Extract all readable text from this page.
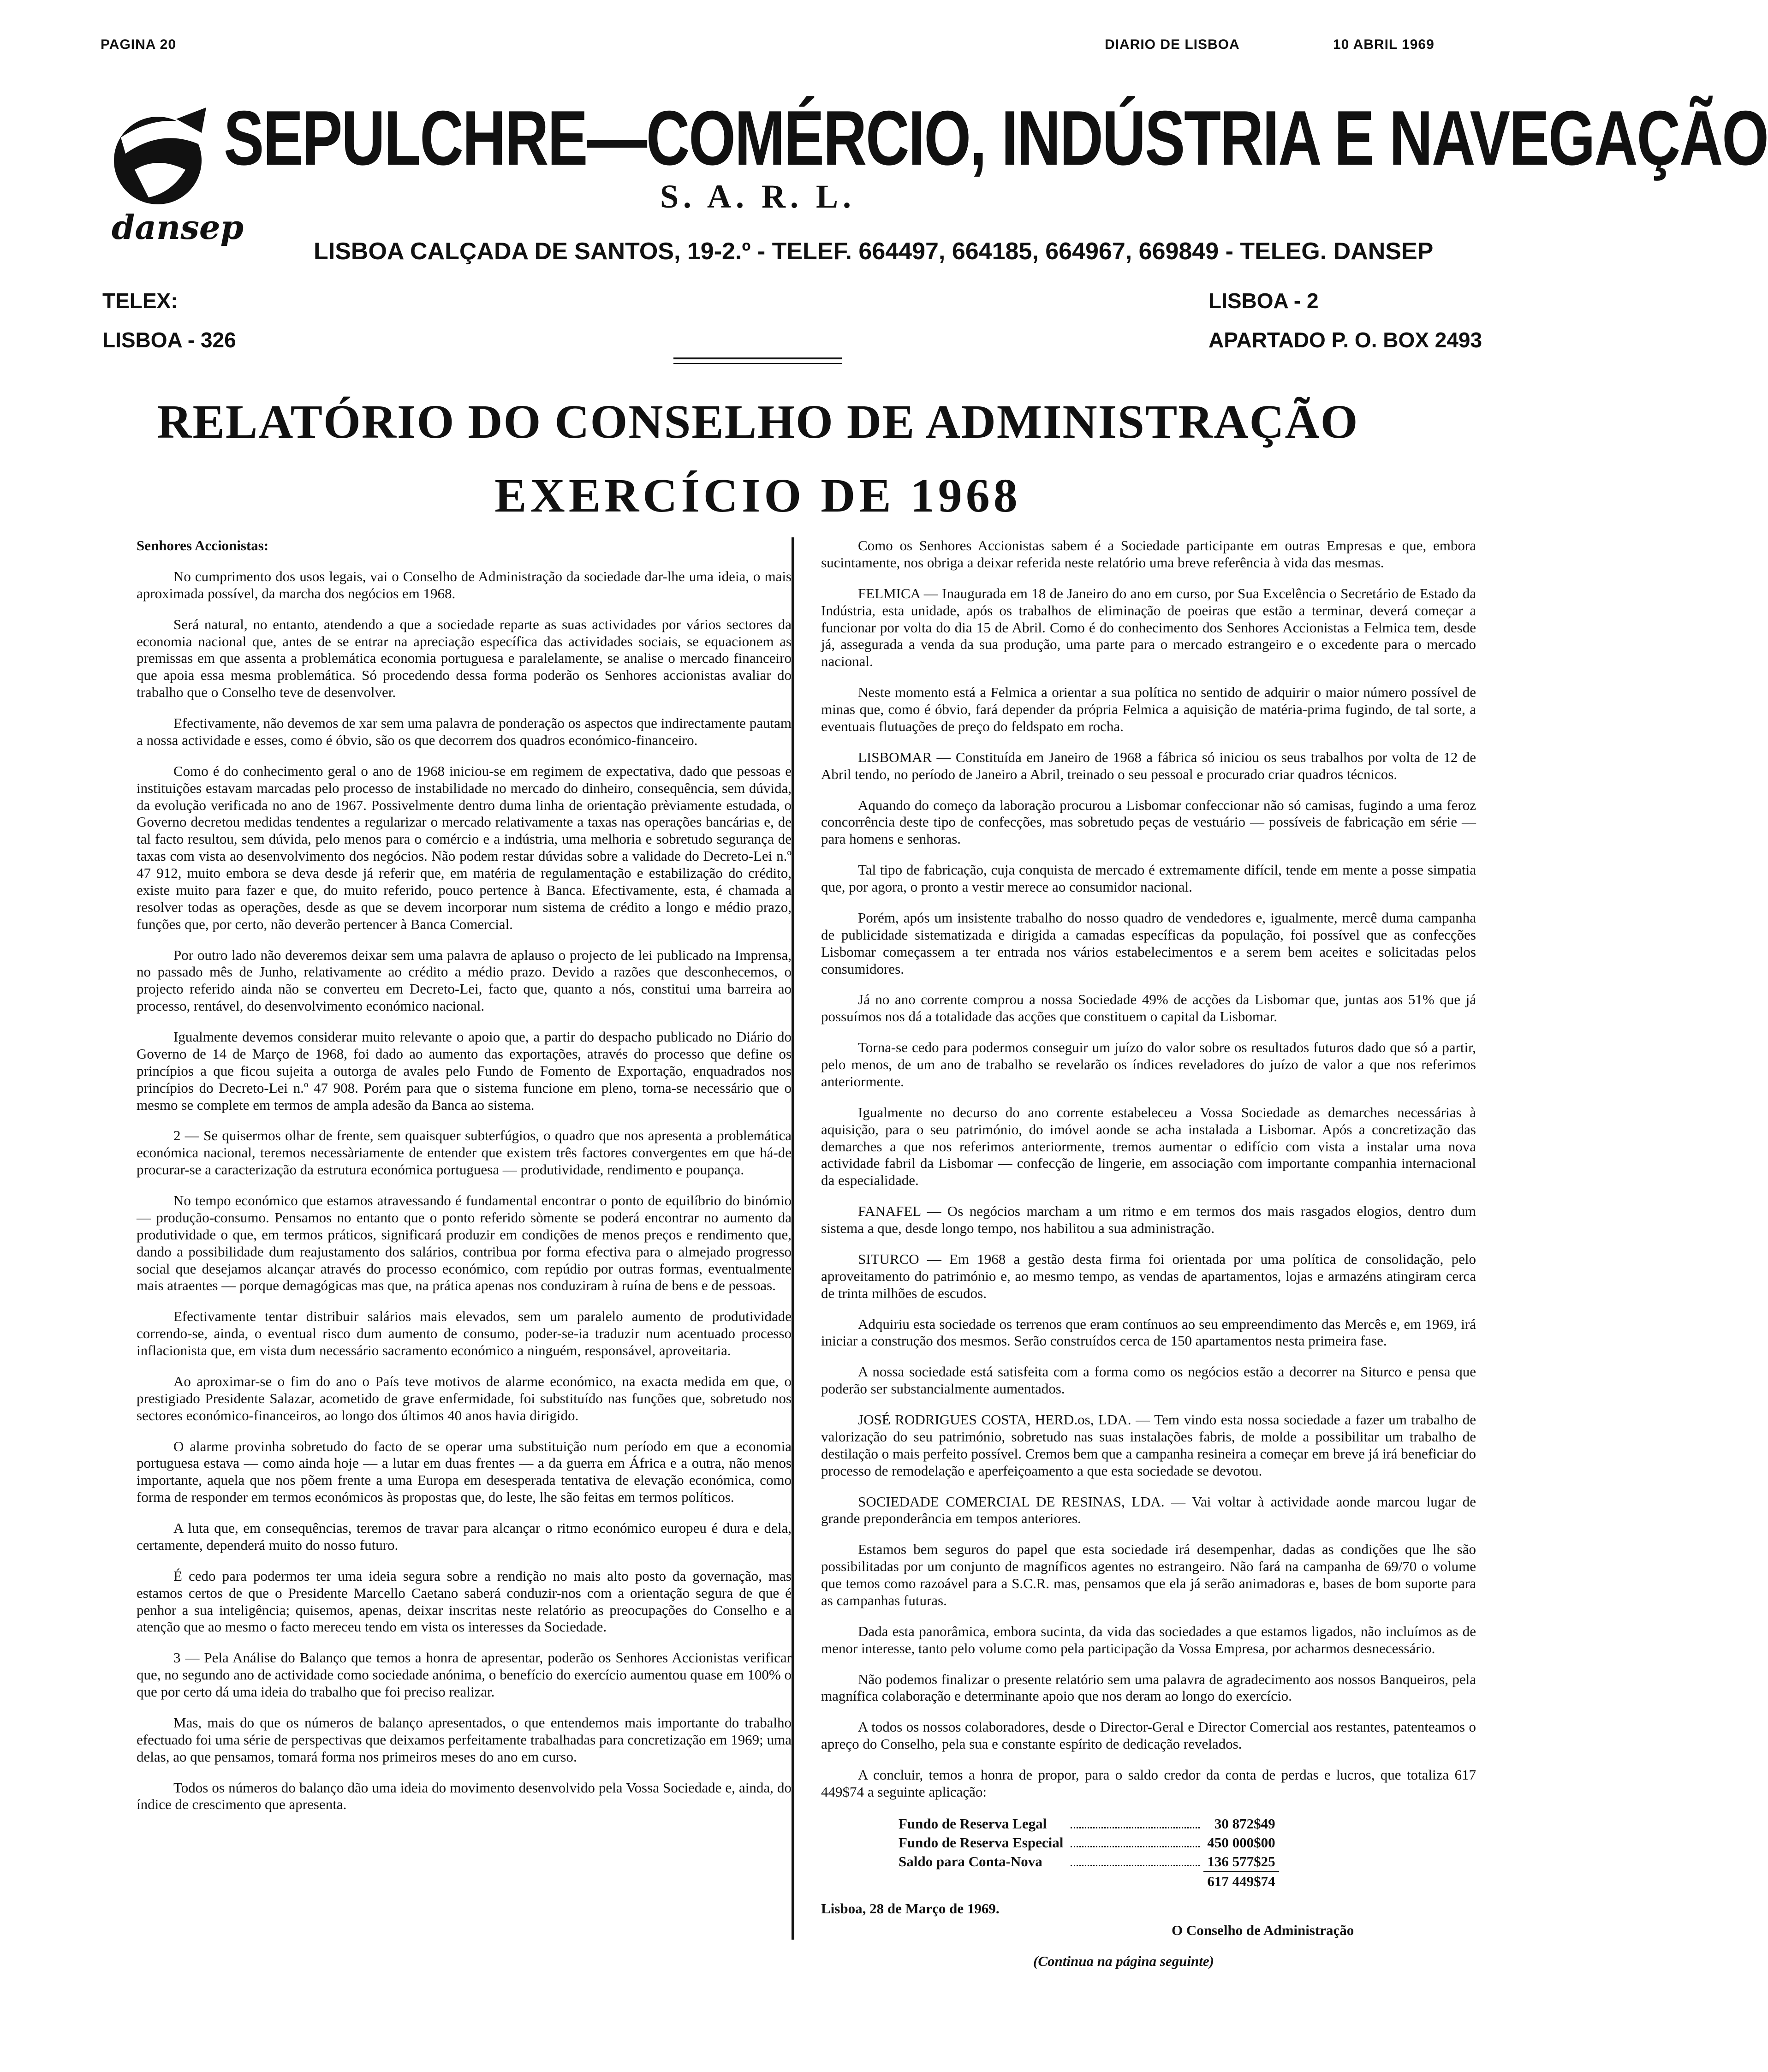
PAGINA 20	DIARIO DE LISBOA	10 ABRIL 1969
dansep
SEPULCHRE—COMÉRCIO, INDÚSTRIA E NAVEGAÇÃO
S. A. R. L.
LISBOA CALÇADA DE SANTOS, 19-2.º - TELEF. 664497, 664185, 664967, 669849 - TELEG. DANSEP
TELEX:
LISBOA - 326
LISBOA - 2
APARTADO P. O. BOX 2493
RELATÓRIO DO CONSELHO DE ADMINISTRAÇÃO
EXERCÍCIO DE 1968

Senhores Accionistas:

No cumprimento dos usos legais, vai o Conselho de Administração da sociedade dar-lhe uma ideia, o mais aproximada possível, da marcha dos negócios em 1968.

Será natural, no entanto, atendendo a que a sociedade reparte as suas actividades por vários sectores da economia nacional que, antes de se entrar na apreciação específica das actividades sociais, se equacionem as premissas em que assenta a problemática economia portuguesa e paralelamente, se analise o mercado financeiro que apoia essa mesma problemática. Só procedendo dessa forma poderão os Senhores accionistas avaliar do trabalho que o Conselho teve de desenvolver.

Efectivamente, não devemos de xar sem uma palavra de ponderação os aspectos que indirectamente pautam a nossa actividade e esses, como é óbvio, são os que decorrem dos quadros económico-financeiro.

Como é do conhecimento geral o ano de 1968 iniciou-se em regimem de expectativa, dado que pessoas e instituições estavam marcadas pelo processo de instabilidade no mercado do dinheiro, consequência, sem dúvida, da evolução verificada no ano de 1967. Possivelmente dentro duma linha de orientação prèviamente estudada, o Governo decretou medidas tendentes a regularizar o mercado relativamente a taxas nas operações bancárias e, de tal facto resultou, sem dúvida, pelo menos para o comércio e a indústria, uma melhoria e sobretudo segurança de taxas com vista ao desenvolvimento dos negócios. Não podem restar dúvidas sobre a validade do Decreto-Lei n.º 47 912, muito embora se deva desde já referir que, em matéria de regulamentação e estabilização do crédito, existe muito para fazer e que, do muito referido, pouco pertence à Banca. Efectivamente, esta, é chamada a resolver todas as operações, desde as que se devem incorporar num sistema de crédito a longo e médio prazo, funções que, por certo, não deverão pertencer à Banca Comercial.

Por outro lado não deveremos deixar sem uma palavra de aplauso o projecto de lei publicado na Imprensa, no passado mês de Junho, relativamente ao crédito a médio prazo. Devido a razões que desconhecemos, o projecto referido ainda não se converteu em Decreto-Lei, facto que, quanto a nós, constitui uma barreira ao processo, rentável, do desenvolvimento económico nacional.

Igualmente devemos considerar muito relevante o apoio que, a partir do despacho publicado no Diário do Governo de 14 de Março de 1968, foi dado ao aumento das exportações, através do processo que define os princípios a que ficou sujeita a outorga de avales pelo Fundo de Fomento de Exportação, enquadrados nos princípios do Decreto-Lei n.º 47 908. Porém para que o sistema funcione em pleno, torna-se necessário que o mesmo se complete em termos de ampla adesão da Banca ao sistema.

2 — Se quisermos olhar de frente, sem quaisquer subterfúgios, o quadro que nos apresenta a problemática económica nacional, teremos necessàriamente de entender que existem três factores convergentes em que há-de procurar-se a caracterização da estrutura económica portuguesa — produtividade, rendimento e poupança.

No tempo económico que estamos atravessando é fundamental encontrar o ponto de equilíbrio do binómio — produção-consumo. Pensamos no entanto que o ponto referido sòmente se poderá encontrar no aumento da produtividade o que, em termos práticos, significará produzir em condições de menos preços e rendimento que, dando a possibilidade dum reajustamento dos salários, contribua por forma efectiva para o almejado progresso social que desejamos alcançar através do processo económico, com repúdio por outras formas, eventualmente mais atraentes — porque demagógicas mas que, na prática apenas nos conduziram à ruína de bens e de pessoas.

Efectivamente tentar distribuir salários mais elevados, sem um paralelo aumento de produtividade correndo-se, ainda, o eventual risco dum aumento de consumo, poder-se-ia traduzir num acentuado processo inflacionista que, em vista dum necessário sacramento económico a ninguém, responsável, aproveitaria.

Ao aproximar-se o fim do ano o País teve motivos de alarme económico, na exacta medida em que, o prestigiado Presidente Salazar, acometido de grave enfermidade, foi substituído nas funções que, sobretudo nos sectores económico-financeiros, ao longo dos últimos 40 anos havia dirigido.

O alarme provinha sobretudo do facto de se operar uma substituição num período em que a economia portuguesa estava — como ainda hoje — a lutar em duas frentes — a da guerra em África e a outra, não menos importante, aquela que nos põem frente a uma Europa em desesperada tentativa de elevação económica, como forma de responder em termos económicos às propostas que, do leste, lhe são feitas em termos políticos.

A luta que, em consequências, teremos de travar para alcançar o ritmo económico europeu é dura e dela, certamente, dependerá muito do nosso futuro.

É cedo para podermos ter uma ideia segura sobre a rendição no mais alto posto da governação, mas estamos certos de que o Presidente Marcello Caetano saberá conduzir-nos com a orientação segura de que é penhor a sua inteligência; quisemos, apenas, deixar inscritas neste relatório as preocupações do Conselho e a atenção que ao mesmo o facto mereceu tendo em vista os interesses da Sociedade.

3 — Pela Análise do Balanço que temos a honra de apresentar, poderão os Senhores Accionistas verificar que, no segundo ano de actividade como sociedade anónima, o benefício do exercício aumentou quase em 100% o que por certo dá uma ideia do trabalho que foi preciso realizar.

Mas, mais do que os números de balanço apresentados, o que entendemos mais importante do trabalho efectuado foi uma série de perspectivas que deixamos perfeitamente trabalhadas para concretização em 1969; uma delas, ao que pensamos, tomará forma nos primeiros meses do ano em curso.

Todos os números do balanço dão uma ideia do movimento desenvolvido pela Vossa Sociedade e, ainda, do índice de crescimento que apresenta.

Como os Senhores Accionistas sabem é a Sociedade participante em outras Empresas e que, embora sucintamente, nos obriga a deixar referida neste relatório uma breve referência à vida das mesmas.

FELMICA — Inaugurada em 18 de Janeiro do ano em curso, por Sua Excelência o Secretário de Estado da Indústria, esta unidade, após os trabalhos de eliminação de poeiras que estão a terminar, deverá começar a funcionar por volta do dia 15 de Abril. Como é do conhecimento dos Senhores Accionistas a Felmica tem, desde já, assegurada a venda da sua produção, uma parte para o mercado estrangeiro e o excedente para o mercado nacional.

Neste momento está a Felmica a orientar a sua política no sentido de adquirir o maior número possível de minas que, como é óbvio, fará depender da própria Felmica a aquisição de matéria-prima fugindo, de tal sorte, a eventuais flutuações de preço do feldspato em rocha.

LISBOMAR — Constituída em Janeiro de 1968 a fábrica só iniciou os seus trabalhos por volta de 12 de Abril tendo, no período de Janeiro a Abril, treinado o seu pessoal e procurado criar quadros técnicos.

Aquando do começo da laboração procurou a Lisbomar confeccionar não só camisas, fugindo a uma feroz concorrência deste tipo de confecções, mas sobretudo peças de vestuário — possíveis de fabricação em série — para homens e senhoras.

Tal tipo de fabricação, cuja conquista de mercado é extremamente difícil, tende em mente a posse simpatia que, por agora, o pronto a vestir merece ao consumidor nacional.

Porém, após um insistente trabalho do nosso quadro de vendedores e, igualmente, mercê duma campanha de publicidade sistematizada e dirigida a camadas específicas da população, foi possível que as confecções Lisbomar começassem a ter entrada nos vários estabelecimentos e a serem bem aceites e solicitadas pelos consumidores.

Já no ano corrente comprou a nossa Sociedade 49% de acções da Lisbomar que, juntas aos 51% que já possuímos nos dá a totalidade das acções que constituem o capital da Lisbomar.

Torna-se cedo para podermos conseguir um juízo do valor sobre os resultados futuros dado que só a partir, pelo menos, de um ano de trabalho se revelarão os índices reveladores do juízo de valor a que nos referimos anteriormente.

Igualmente no decurso do ano corrente estabeleceu a Vossa Sociedade as demarches necessárias à aquisição, para o seu património, do imóvel aonde se acha instalada a Lisbomar. Após a concretização das demarches a que nos referimos anteriormente, tremos aumentar o edifício com vista a instalar uma nova actividade fabril da Lisbomar — confecção de lingerie, em associação com importante companhia internacional da especialidade.

FANAFEL — Os negócios marcham a um ritmo e em termos dos mais rasgados elogios, dentro dum sistema a que, desde longo tempo, nos habilitou a sua administração.

SITURCO — Em 1968 a gestão desta firma foi orientada por uma política de consolidação, pelo aproveitamento do património e, ao mesmo tempo, as vendas de apartamentos, lojas e armazéns atingiram cerca de trinta milhões de escudos.

Adquiriu esta sociedade os terrenos que eram contínuos ao seu empreendimento das Mercês e, em 1969, irá iniciar a construção dos mesmos. Serão construídos cerca de 150 apartamentos nesta primeira fase.

A nossa sociedade está satisfeita com a forma como os negócios estão a decorrer na Siturco e pensa que poderão ser substancialmente aumentados.

JOSÉ RODRIGUES COSTA, HERD.os, LDA. — Tem vindo esta nossa sociedade a fazer um trabalho de valorização do seu património, sobretudo nas suas instalações fabris, de molde a possibilitar um trabalho de destilação o mais perfeito possível. Cremos bem que a campanha resineira a começar em breve já irá beneficiar do processo de remodelação e aperfeiçoamento a que esta sociedade se devotou.

SOCIEDADE COMERCIAL DE RESINAS, LDA. — Vai voltar à actividade aonde marcou lugar de grande preponderância em tempos anteriores.

Estamos bem seguros do papel que esta sociedade irá desempenhar, dadas as condições que lhe são possibilitadas por um conjunto de magníficos agentes no estrangeiro. Não fará na campanha de 69/70 o volume que temos como razoável para a S.C.R. mas, pensamos que ela já serão animadoras e, bases de bom suporte para as campanhas futuras.

Dada esta panorâmica, embora sucinta, da vida das sociedades a que estamos ligados, não incluímos as de menor interesse, tanto pelo volume como pela participação da Vossa Empresa, por acharmos desnecessário.

Não podemos finalizar o presente relatório sem uma palavra de agradecimento aos nossos Banqueiros, pela magnífica colaboração e determinante apoio que nos deram ao longo do exercício.

A todos os nossos colaboradores, desde o Director-Geral e Director Comercial aos restantes, patenteamos o apreço do Conselho, pela sua e constante espírito de dedicação revelados.

A concluir, temos a honra de propor, para o saldo credor da conta de perdas e lucros, que totaliza 617 449$74 a seguinte aplicação:

Fundo de Reserva Legal		30 872$49
Fundo de Reserva Especial		450 000$00
Saldo para Conta-Nova		136 577$25
		617 449$74
Lisboa, 28 de Março de 1969.
O Conselho de Administração
(Continua na página seguinte)
